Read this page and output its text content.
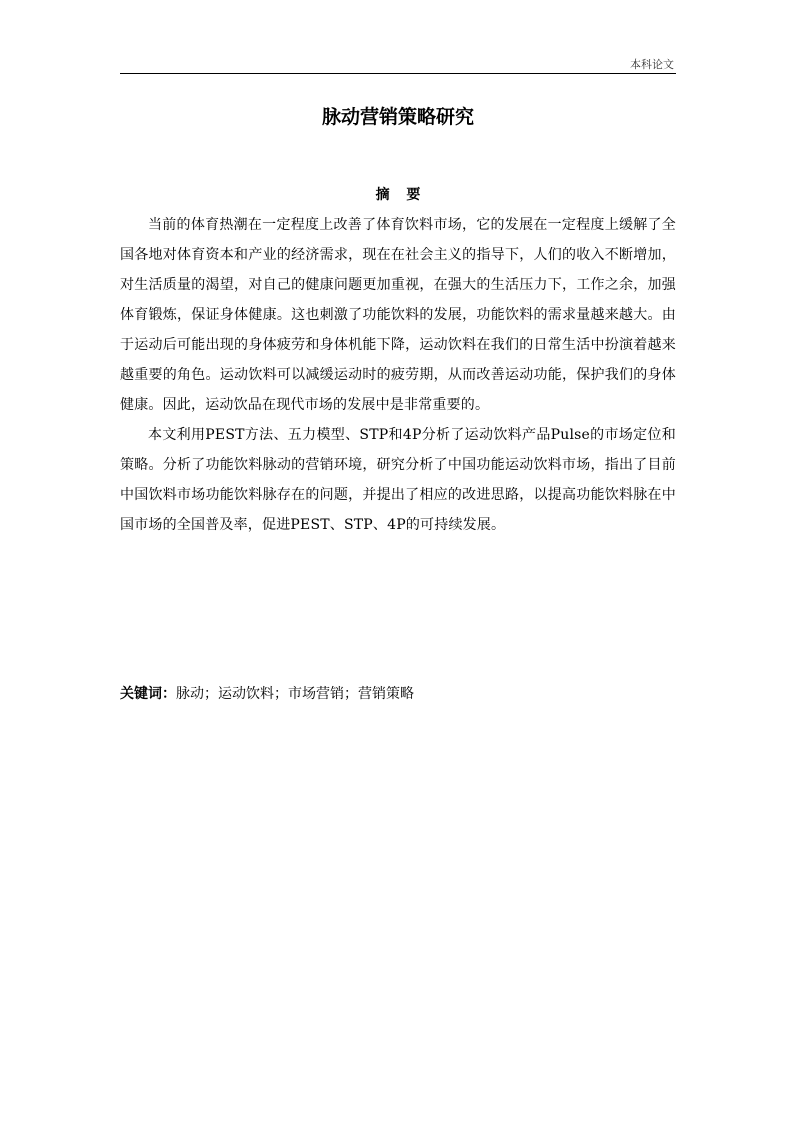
本科论文
脉动营销策略研究
摘 要

当前的体育热潮在一定程度上改善了体育饮料市场，它的发展在一定程度上缓解了全国各地对体育资本和产业的经济需求，现在在社会主义的指导下，人们的收入不断增加，对生活质量的渴望，对自己的健康问题更加重视，在强大的生活压力下，工作之余，加强体育锻炼，保证身体健康。这也刺激了功能饮料的发展，功能饮料的需求量越来越大。由于运动后可能出现的身体疲劳和身体机能下降，运动饮料在我们的日常生活中扮演着越来越重要的角色。运动饮料可以减缓运动时的疲劳期，从而改善运动功能，保护我们的身体健康。因此，运动饮品在现代市场的发展中是非常重要的。

本文利用PEST方法、五力模型、STP和4P分析了运动饮料产品Pulse的市场定位和策略。分析了功能饮料脉动的营销环境，研究分析了中国功能运动饮料市场，指出了目前中国饮料市场功能饮料脉存在的问题，并提出了相应的改进思路，以提高功能饮料脉在中国市场的全国普及率，促进PEST、STP、4P的可持续发展。

关键词：脉动；运动饮料；市场营销；营销策略
